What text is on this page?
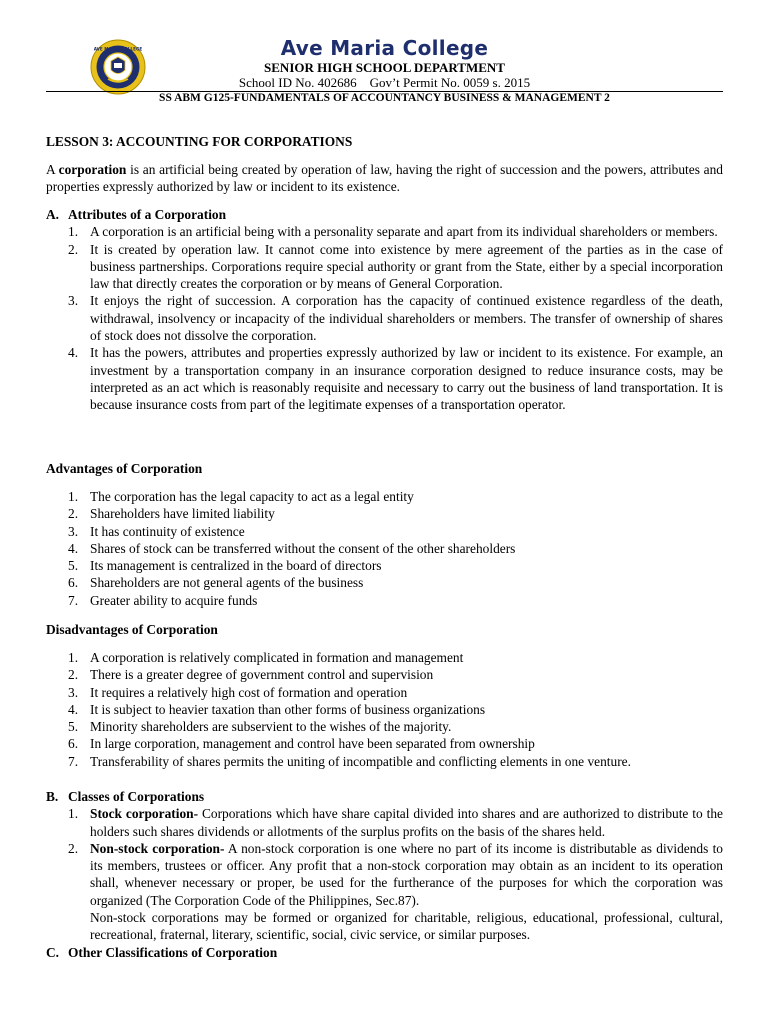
AVE MARIA COLLEGE	Ave Maria College
SENIOR HIGH SCHOOL DEPARTMENT
School ID No. 402686    Gov’t Permit No. 0059 s. 2015
SS ABM G125-FUNDAMENTALS OF ACCOUNTANCY BUSINESS & MANAGEMENT 2
LESSON 3: ACCOUNTING FOR CORPORATIONS
A corporation is an artificial being created by operation of law, having the right of succession and the powers, attributes and properties expressly authorized by law or incident to its existence.
A. Attributes of a Corporation
1. A corporation is an artificial being with a personality separate and apart from its individual shareholders or members.
2. It is created by operation law. It cannot come into existence by mere agreement of the parties as in the case of business partnerships. Corporations require special authority or grant from the State, either by a special incorporation law that directly creates the corporation or by means of General Corporation.
3. It enjoys the right of succession. A corporation has the capacity of continued existence regardless of the death, withdrawal, insolvency or incapacity of the individual shareholders or members. The transfer of ownership of shares of stock does not dissolve the corporation.
4. It has the powers, attributes and properties expressly authorized by law or incident to its existence. For example, an investment by a transportation company in an insurance corporation designed to reduce insurance costs, may be interpreted as an act which is reasonably requisite and necessary to carry out the business of land transportation. It is because insurance costs from part of the legitimate expenses of a transportation operator.
Advantages of Corporation
1. The corporation has the legal capacity to act as a legal entity
2. Shareholders have limited liability
3. It has continuity of existence
4. Shares of stock can be transferred without the consent of the other shareholders
5. Its management is centralized in the board of directors
6. Shareholders are not general agents of the business
7. Greater ability to acquire funds
Disadvantages of Corporation
1. A corporation is relatively complicated in formation and management
2. There is a greater degree of government control and supervision
3. It requires a relatively high cost of formation and operation
4. It is subject to heavier taxation than other forms of business organizations
5. Minority shareholders are subservient to the wishes of the majority.
6. In large corporation, management and control have been separated from ownership
7. Transferability of shares permits the uniting of incompatible and conflicting elements in one venture.
B. Classes of Corporations
1. Stock corporation- Corporations which have share capital divided into shares and are authorized to distribute to the holders such shares dividends or allotments of the surplus profits on the basis of the shares held.
2. Non-stock corporation- A non-stock corporation is one where no part of its income is distributable as dividends to its members, trustees or officer. Any profit that a non-stock corporation may obtain as an incident to its operation shall, whenever necessary or proper, be used for the furtherance of the purposes for which the corporation was organized (The Corporation Code of the Philippines, Sec.87).
Non-stock corporations may be formed or organized for charitable, religious, educational, professional, cultural, recreational, fraternal, literary, scientific, social, civic service, or similar purposes.
C. Other Classifications of Corporation
